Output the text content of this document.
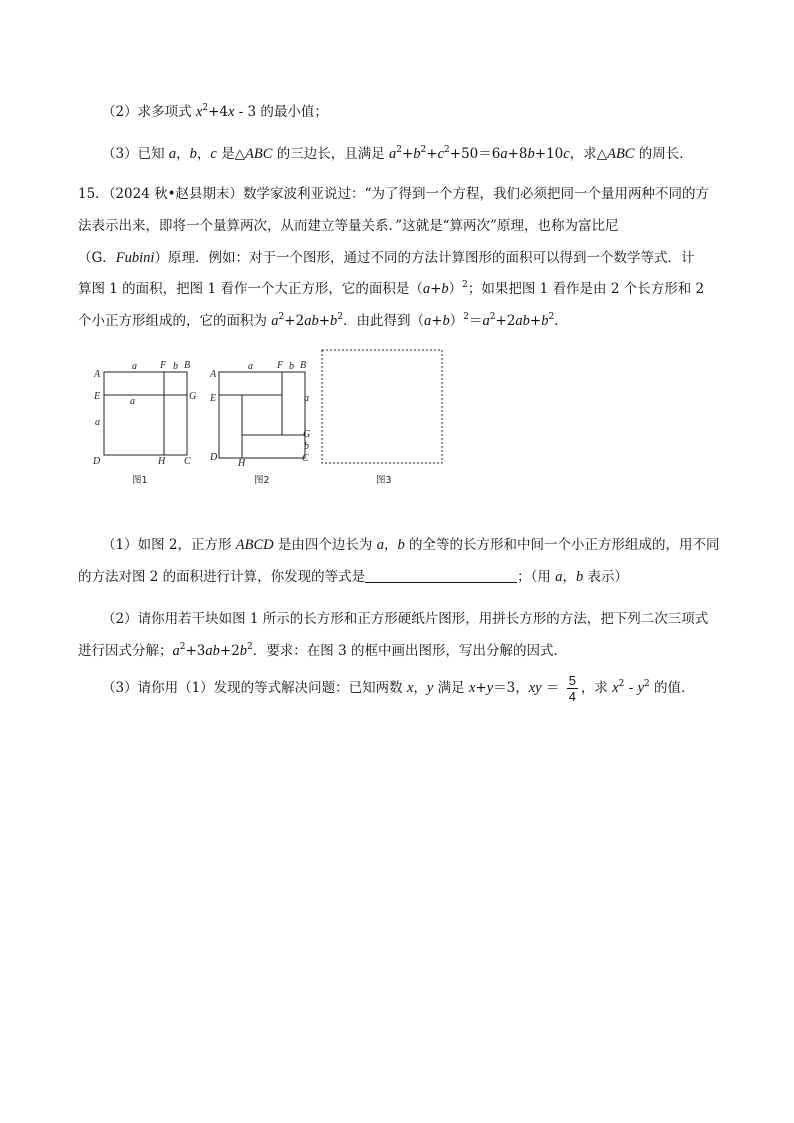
（2）求多项式 $x^2+4x - 3$ 的最小值；
（3）已知 a，b，c 是△ABC 的三边长，且满足 $a^2+b^2+c^2+50=6a+8b+10c$，求△ABC 的周长．
15．（2024 秋•赵县期末）数学家波利亚说过：“为了得到一个方程，我们必须把同一个量用两种不同的方
法表示出来，即将一个量算两次，从而建立等量关系．”这就是“算两次”原理，也称为富比尼
（G．Fubini）原理．例如：对于一个图形，通过不同的方法计算图形的面积可以得到一个数学等式．计
算图 1 的面积，把图 1 看作一个大正方形，它的面积是$(a+b)^2$；如果把图 1 看作是由 2 个长方形和 2
个小正方形组成的，它的面积为 $a^2+2ab+b^2$．由此得到$(a+b)^2=a^2+2ab+b^2$．
A
B
C
D
E
F
G
H
a	b
a
a
图1
A
B
C
D
E
F
G
H
a	b
a
b
图2	图3
（1）如图 2，正方形 ABCD 是由四个边长为 a，b 的全等的长方形和中间一个小正方形组成的，用不同
的方法对图 2 的面积进行计算，你发现的等式是	；（用 a，b 表示）
（2）请你用若干块如图 1 所示的长方形和正方形硬纸片图形，用拼长方形的方法，把下列二次三项式
进行因式分解；$a^2+3ab+2b^2$．要求：在图 3 的框中画出图形，写出分解的因式．
（3）请你用（1）发现的等式解决问题：已知两数 x，y 满足 x+y＝3，xy ＝ $\frac{5}{4}$ ，求 $x^2 - y^2$ 的值．
